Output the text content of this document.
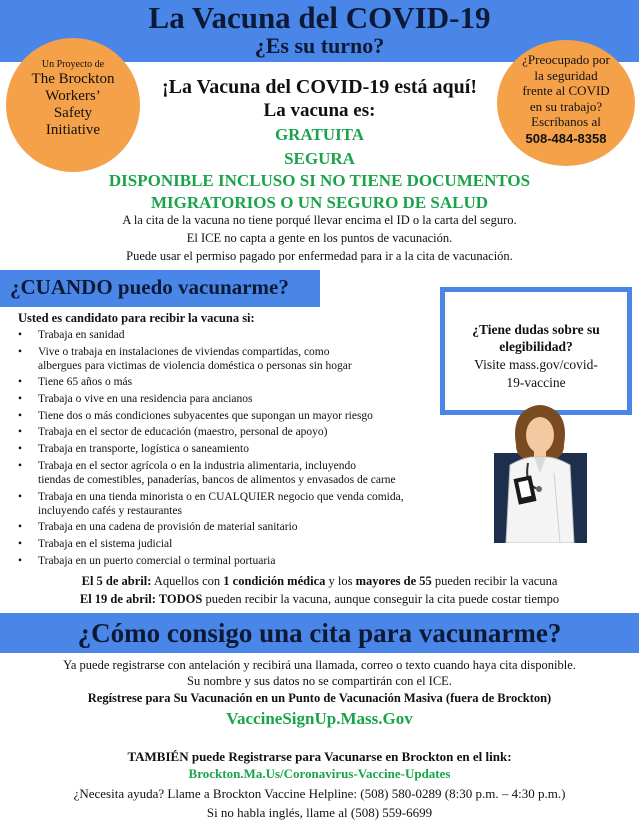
La Vacuna del COVID-19
¿Es su turno?
Un Proyecto de
The Brockton
Workers’
Safety
Initiative
¿Preocupado por
la seguridad
frente al COVID
en su trabajo?
Escríbanos al
508-484-8358
¡La Vacuna del COVID-19 está aquí!
La vacuna es:
GRATUITA
SEGURA
DISPONIBLE INCLUSO SI NO TIENE DOCUMENTOS
MIGRATORIOS O UN SEGURO DE SALUD
A la cita de la vacuna no tiene porqué llevar encima el ID o la carta del seguro.
El ICE no capta a gente en los puntos de vacunación.
Puede usar el permiso pagado por enfermedad para ir a la cita de vacunación.
¿CUANDO puedo vacunarme?
Usted es candidato para recibir la vacuna si:
• Trabaja en sanidad
• Vive o trabaja en instalaciones de viviendas compartidas, como
albergues para victimas de violencia doméstica o personas sin hogar
• Tiene 65 años o más
• Trabaja o vive en una residencia para ancianos
• Tiene dos o más condiciones subyacentes que supongan un mayor riesgo
• Trabaja en el sector de educación (maestro, personal de apoyo)
• Trabaja en transporte, logística o saneamiento
• Trabaja en el sector agrícola o en la industria alimentaria, incluyendo
tiendas de comestibles, panaderías, bancos de alimentos y envasados de carne
• Trabaja en una tienda minorista o en CUALQUIER negocio que venda comida,
incluyendo cafés y restaurantes
• Trabaja en una cadena de provisión de material sanitario
• Trabaja en el sistema judicial
• Trabaja en un puerto comercial o terminal portuaria
El 5 de abril: Aquellos con 1 condición médica y los mayores de 55 pueden recibir la vacuna
El 19 de abril: TODOS pueden recibir la vacuna, aunque conseguir la cita puede costar tiempo
¿Tiene dudas sobre su
elegibilidad?
Visite mass.gov/covid-
19-vaccine
¿Cómo consigo una cita para vacunarme?
Ya puede registrarse con antelación y recibirá una llamada, correo o texto cuando haya cita disponible.
Su nombre y sus datos no se compartirán con el ICE.
Regístrese para Su Vacunación en un Punto de Vacunación Masiva (fuera de Brockton)
VaccineSignUp.Mass.Gov
TAMBIÉN puede Registrarse para Vacunarse en Brockton en el link:
Brockton.Ma.Us/Coronavirus-Vaccine-Updates
¿Necesita ayuda? Llame a Brockton Vaccine Helpline: (508) 580-0289 (8:30 p.m. – 4:30 p.m.)
Si no habla inglés, llame al (508) 559-6699
